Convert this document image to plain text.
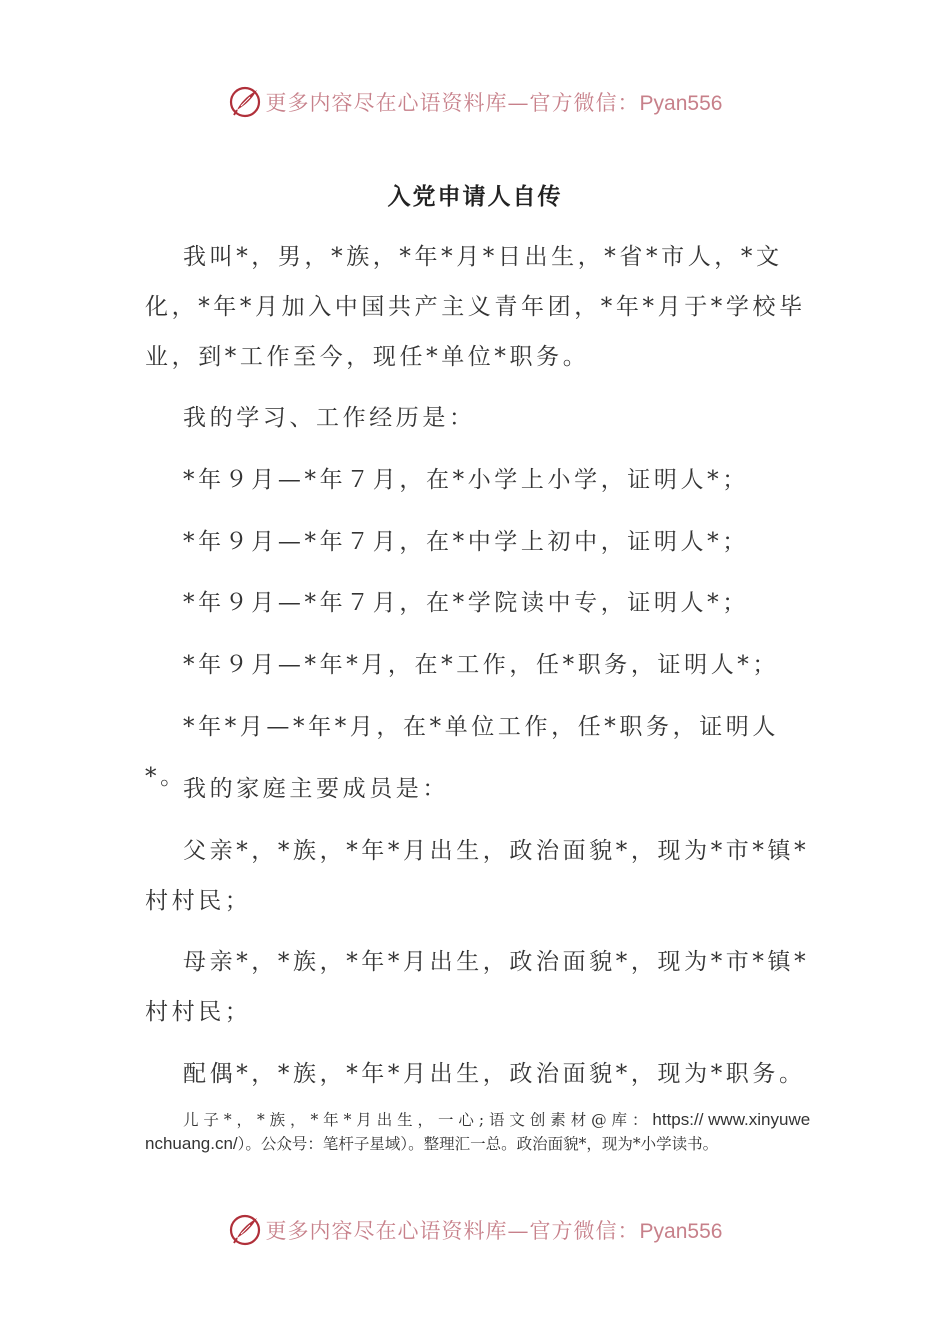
更多内容尽在心语资料库—官方微信：Pyan556
入党申请人自传
我叫*，男，*族，*年*月*日出生，*省*市人，*文化，*年*月加入中国共产主义青年团，*年*月于*学校毕业，到*工作至今，现任*单位*职务。
我的学习、工作经历是：
*年９月—*年７月，在*小学上小学，证明人*；
*年９月—*年７月，在*中学上初中，证明人*；
*年９月—*年７月，在*学院读中专，证明人*；
*年９月—*年*月，在*工作，任*职务，证明人*；
*年*月—*年*月，在*单位工作，任*职务，证明人*。
我的家庭主要成员是：
父亲*，*族，*年*月出生，政治面貌*，现为*市*镇*村村民；
母亲*，*族，*年*月出生，政治面貌*，现为*市*镇*村村民；
配偶*，*族，*年*月出生，政治面貌*，现为*职务。
儿 子 * ， * 族 ， * 年 * 月 出 生 ， 一 心 ; 语 文 创 素 材 @ 库 ： https:// www.xinyuwenchuang.cn/）。公众号：笔杆子星域）。整理汇一总。政治面貌*，现为*小学读书。
更多内容尽在心语资料库—官方微信：Pyan556
